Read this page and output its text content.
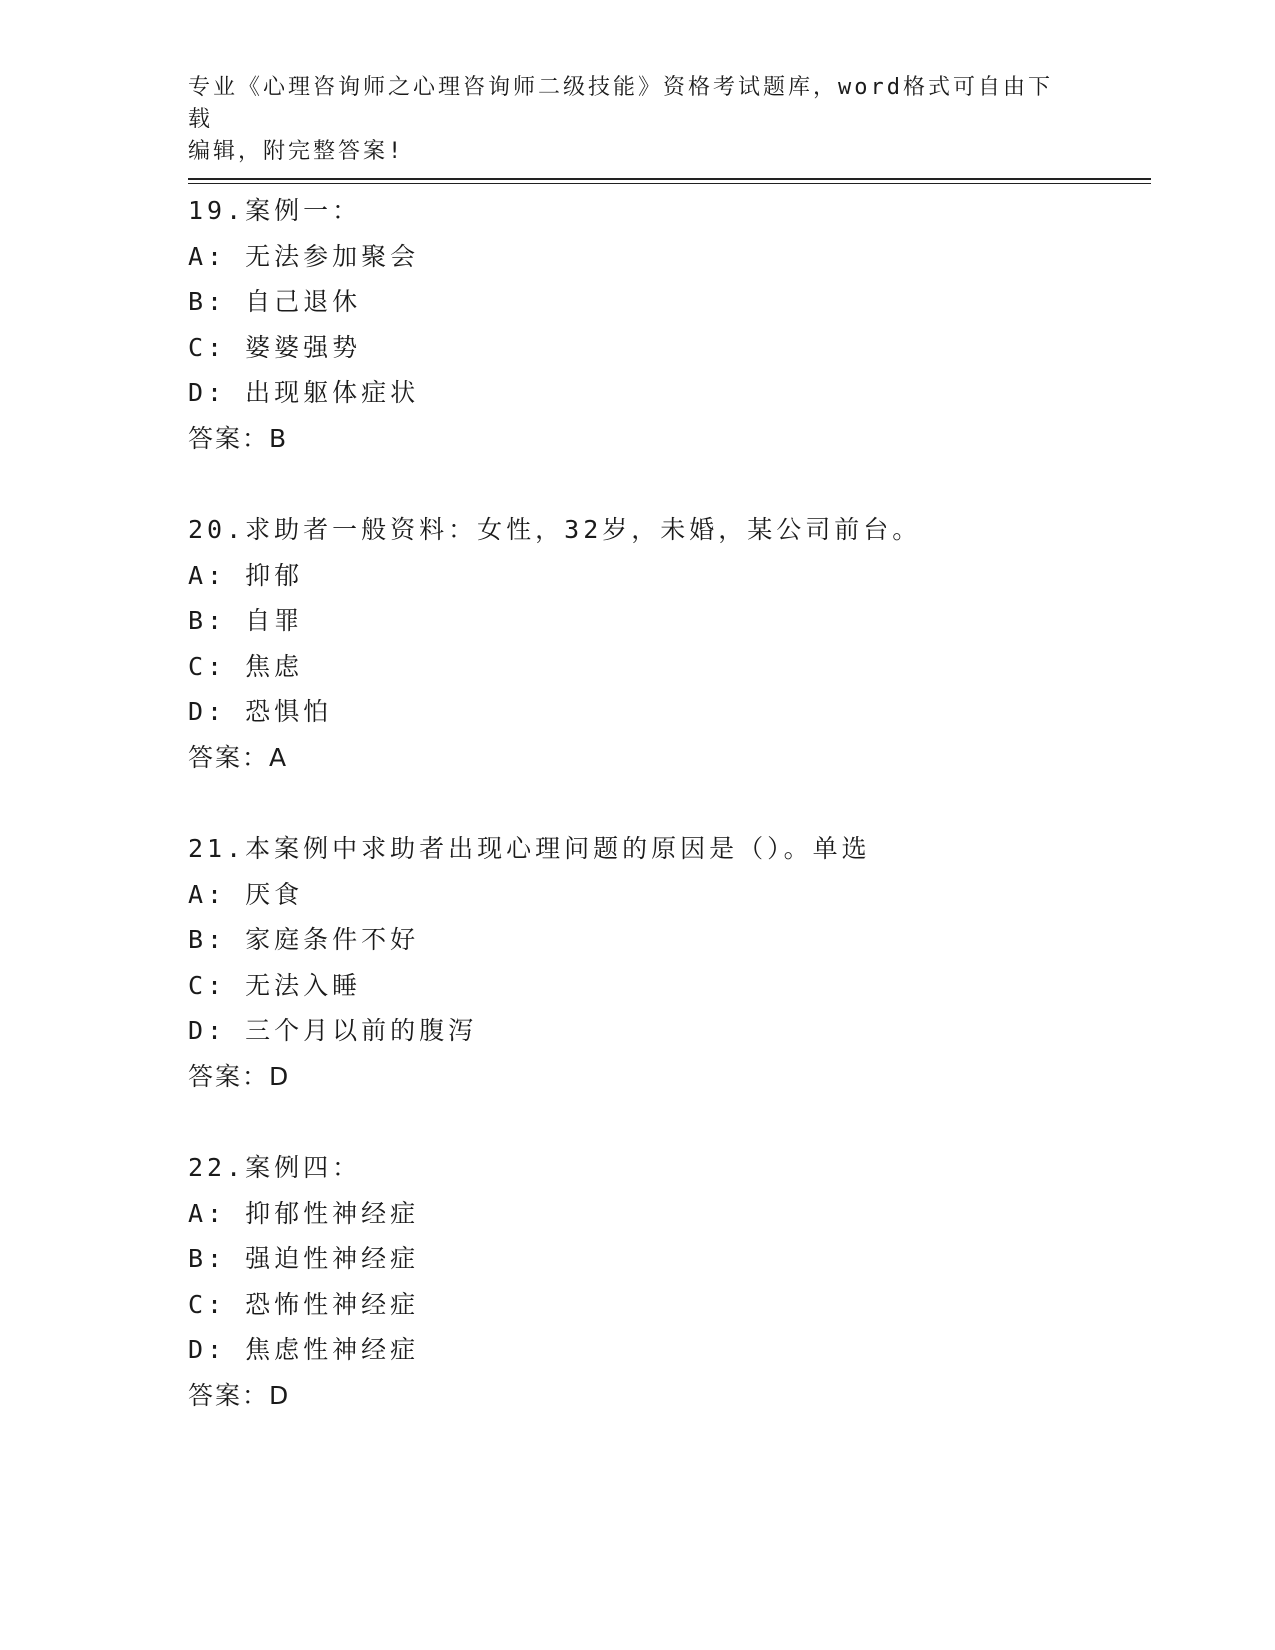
专业《心理咨询师之心理咨询师二级技能》资格考试题库，word格式可自由下载
编辑，附完整答案!
19.案例一：
A: 无法参加聚会
B: 自己退休
C: 婆婆强势
D: 出现躯体症状
答案：B
20.求助者一般资料：女性，32岁，未婚，某公司前台。
A: 抑郁
B: 自罪
C: 焦虑
D: 恐惧怕
答案：A
21.本案例中求助者出现心理问题的原因是（）。单选
A: 厌食
B: 家庭条件不好
C: 无法入睡
D: 三个月以前的腹泻
答案：D
22.案例四：
A: 抑郁性神经症
B: 强迫性神经症
C: 恐怖性神经症
D: 焦虑性神经症
答案：D
